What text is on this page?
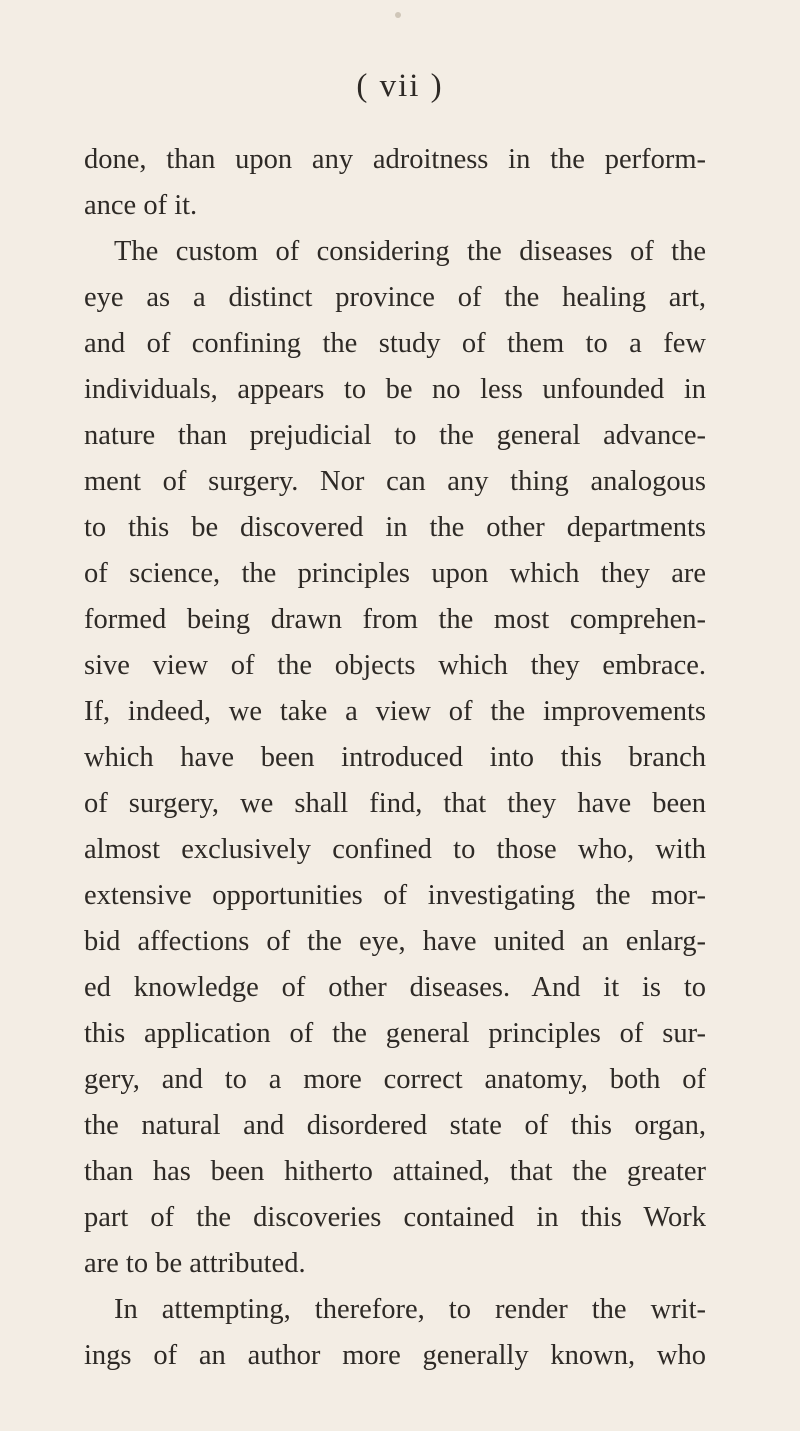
( vii )
done, than upon any adroitness in the perform-
ance of it.
The custom of considering the diseases of the
eye as a distinct province of the healing art,
and of confining the study of them to a few
individuals, appears to be no less unfounded in
nature than prejudicial to the general advance-
ment of surgery. Nor can any thing analogous
to this be discovered in the other departments
of science, the principles upon which they are
formed being drawn from the most comprehen-
sive view of the objects which they embrace.
If, indeed, we take a view of the improvements
which have been introduced into this branch
of surgery, we shall find, that they have been
almost exclusively confined to those who, with
extensive opportunities of investigating the mor-
bid affections of the eye, have united an enlarg-
ed knowledge of other diseases. And it is to
this application of the general principles of sur-
gery, and to a more correct anatomy, both of
the natural and disordered state of this organ,
than has been hitherto attained, that the greater
part of the discoveries contained in this Work
are to be attributed.
In attempting, therefore, to render the writ-
ings of an author more generally known, who
